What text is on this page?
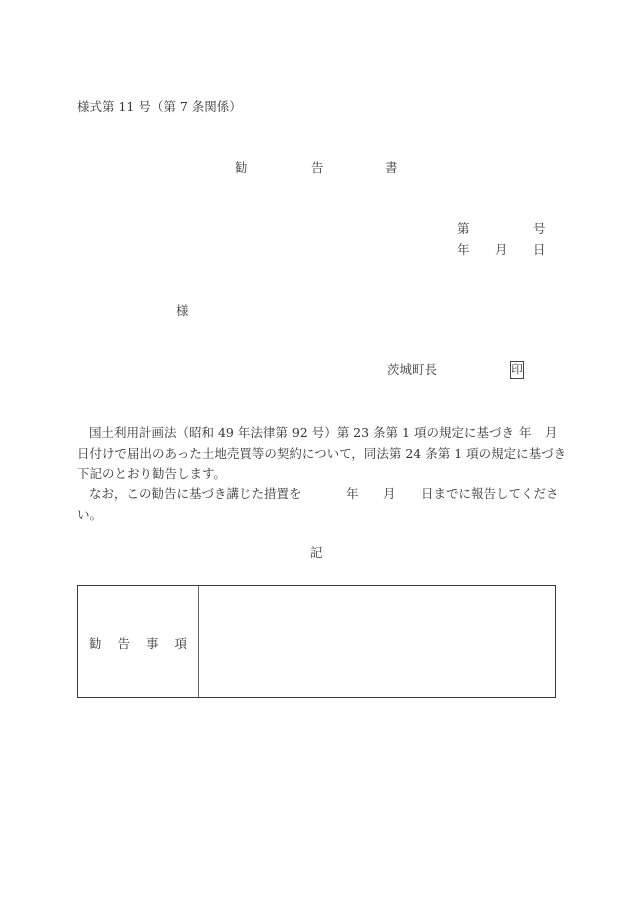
様式第 11 号（第 7 条関係）
勧	告	書
第	号
年 月 日
様
茨城町長	印
国土利用計画法（昭和 49 年法律第 92 号）第 23 条第 1 項の規定に基づき 年 月
日付けで届出のあった土地売買等の契約について，同法第 24 条第 1 項の規定に基づき
下記のとおり勧告します。
なお，この勧告に基づき講じた措置を	年 月 日までに報告してくださ
い。
記
勧 告 事 項
